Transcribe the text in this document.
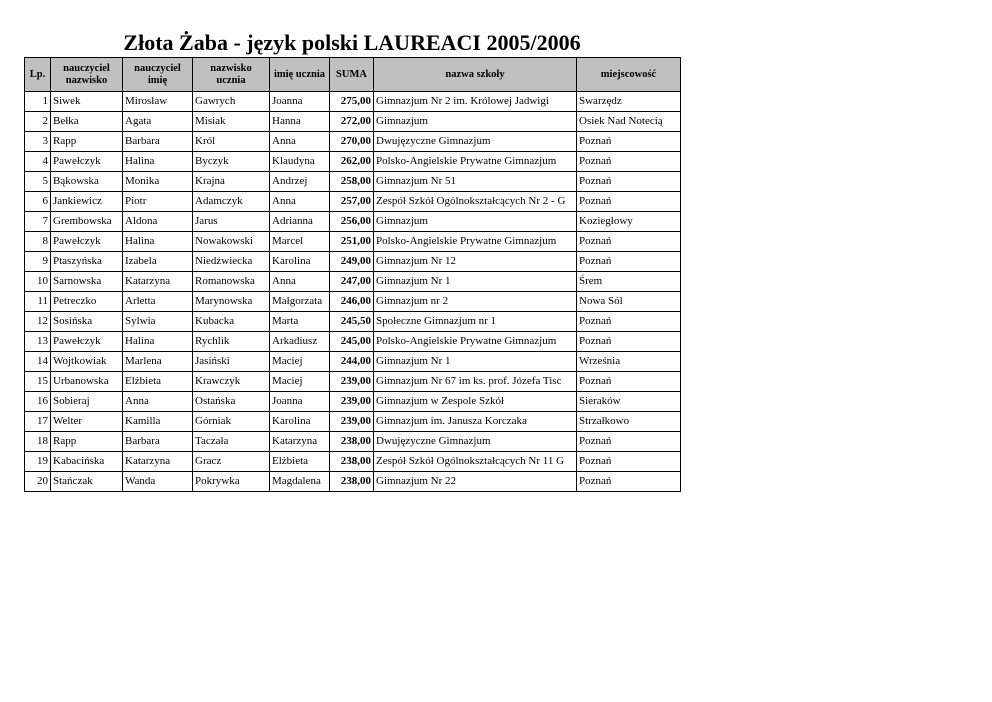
Złota Żaba - język polski LAUREACI 2005/2006
Lp.	nauczyciel nazwisko	nauczyciel imię	nazwisko ucznia	imię ucznia	SUMA	nazwa szkoły	miejscowość
1	Siwek	Mirosław	Gawrych	Joanna	275,00	Gimnazjum Nr 2 im. Królowej Jadwigi	Swarzędz
2	Bełka	Agata	Misiak	Hanna	272,00	Gimnazjum	Osiek Nad Notecią
3	Rapp	Barbara	Król	Anna	270,00	Dwujęzyczne Gimnazjum	Poznań
4	Pawełczyk	Halina	Byczyk	Klaudyna	262,00	Polsko-Angielskie Prywatne Gimnazjum	Poznań
5	Bąkowska	Monika	Krajna	Andrzej	258,00	Gimnazjum Nr 51	Poznań
6	Jankiewicz	Piotr	Adamczyk	Anna	257,00	Zespół Szkół Ogólnokształcących Nr 2 - G	Poznań
7	Grembowska	Aldona	Jarus	Adrianna	256,00	Gimnazjum	Koziegłowy
8	Pawełczyk	Halina	Nowakowski	Marcel	251,00	Polsko-Angielskie Prywatne Gimnazjum	Poznań
9	Ptaszyńska	Izabela	Niedźwiecka	Karolina	249,00	Gimnazjum Nr 12	Poznań
10	Sarnowska	Katarzyna	Romanowska	Anna	247,00	Gimnazjum Nr 1	Śrem
11	Petreczko	Arletta	Marynowska	Małgorzata	246,00	Gimnazjum nr 2	Nowa Sól
12	Sosińska	Sylwia	Kubacka	Marta	245,50	Społeczne Gimnazjum nr 1	Poznań
13	Pawełczyk	Halina	Rychlik	Arkadiusz	245,00	Polsko-Angielskie Prywatne Gimnazjum	Poznań
14	Wojtkowiak	Marlena	Jasiński	Maciej	244,00	Gimnazjum Nr 1	Września
15	Urbanowska	Elżbieta	Krawczyk	Maciej	239,00	Gimnazjum Nr 67 im ks. prof. Józefa Tisc	Poznań
16	Sobieraj	Anna	Ostańska	Joanna	239,00	Gimnazjum w Zespole Szkół	Sieraków
17	Welter	Kamilla	Górniak	Karolina	239,00	Gimnazjum im. Janusza Korczaka	Strzałkowo
18	Rapp	Barbara	Taczała	Katarzyna	238,00	Dwujęzyczne Gimnazjum	Poznań
19	Kabacińska	Katarzyna	Gracz	Elżbieta	238,00	Zespół Szkół Ogólnokształcących Nr 11 G	Poznań
20	Stańczak	Wanda	Pokrywka	Magdalena	238,00	Gimnazjum Nr 22	Poznań
